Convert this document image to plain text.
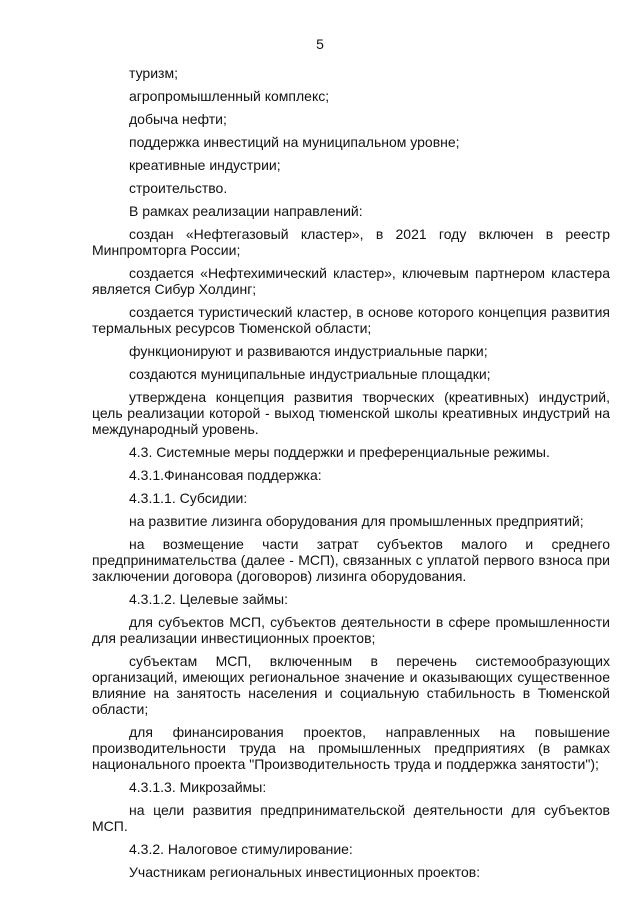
5

туризм;

агропромышленный комплекс;

добыча нефти;

поддержка инвестиций на муниципальном уровне;

креативные индустрии;

строительство.

В рамках реализации направлений:

создан «Нефтегазовый кластер», в 2021 году включен в реестр Минпромторга России;

создается «Нефтехимический кластер», ключевым партнером кластера является Сибур Холдинг;

создается туристический кластер, в основе которого концепция развития термальных ресурсов Тюменской области;

функционируют и развиваются индустриальные парки;

создаются муниципальные индустриальные площадки;

утверждена концепция развития творческих (креативных) индустрий, цель реализации которой - выход тюменской школы креативных индустрий на международный уровень.

4.3. Системные меры поддержки и преференциальные режимы.

4.3.1.Финансовая поддержка:

4.3.1.1. Субсидии:

на развитие лизинга оборудования для промышленных предприятий;

на возмещение части затрат субъектов малого и среднего предпринимательства (далее - МСП), связанных с уплатой первого взноса при заключении договора (договоров) лизинга оборудования.

4.3.1.2. Целевые займы:

для субъектов МСП, субъектов деятельности в сфере промышленности для реализации инвестиционных проектов;

субъектам МСП, включенным в перечень системообразующих организаций, имеющих региональное значение и оказывающих существенное влияние на занятость населения и социальную стабильность в Тюменской области;

для финансирования проектов, направленных на повышение производительности труда на промышленных предприятиях (в рамках национального проекта "Производительность труда и поддержка занятости");

4.3.1.3. Микрозаймы:

на цели развития предпринимательской деятельности для субъектов МСП.

4.3.2. Налоговое стимулирование:

Участникам региональных инвестиционных проектов:
